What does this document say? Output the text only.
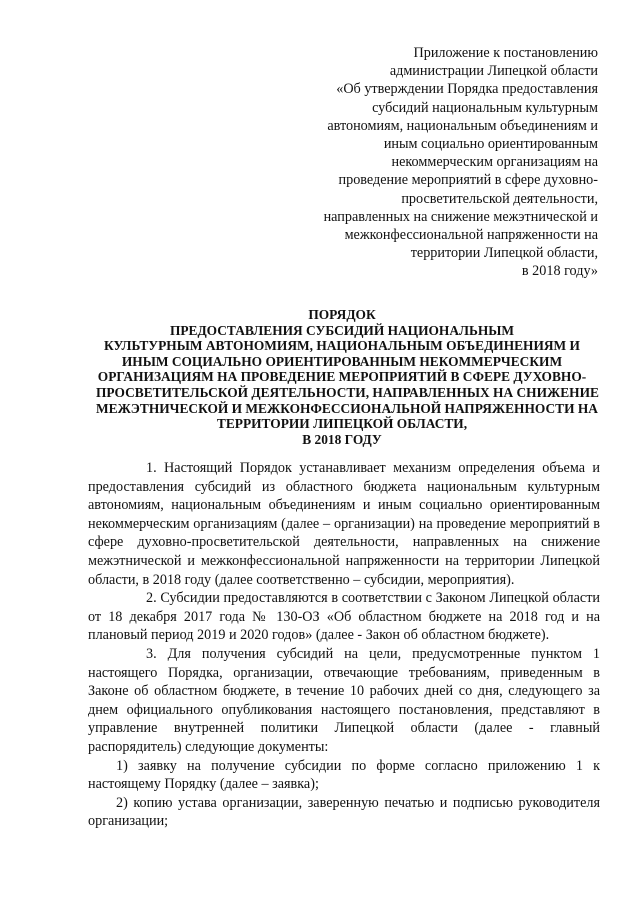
Приложение к постановлению
администрации Липецкой области
«Об утверждении Порядка предоставления
субсидий национальным культурным
автономиям, национальным объединениям и
иным социально ориентированным
некоммерческим организациям на
проведение мероприятий в сфере духовно-
просветительской деятельности,
направленных на снижение межэтнической и
межконфессиональной напряженности на
территории Липецкой области,
в 2018 году»
ПОРЯДОК
ПРЕДОСТАВЛЕНИЯ СУБСИДИЙ НАЦИОНАЛЬНЫМ
КУЛЬТУРНЫМ АВТОНОМИЯМ, НАЦИОНАЛЬНЫМ ОБЪЕДИНЕНИЯМ И
ИНЫМ СОЦИАЛЬНО ОРИЕНТИРОВАННЫМ НЕКОММЕРЧЕСКИМ
ОРГАНИЗАЦИЯМ НА ПРОВЕДЕНИЕ МЕРОПРИЯТИЙ В СФЕРЕ ДУХОВНО-
ПРОСВЕТИТЕЛЬСКОЙ ДЕЯТЕЛЬНОСТИ, НАПРАВЛЕННЫХ НА СНИЖЕНИЕ
МЕЖЭТНИЧЕСКОЙ И МЕЖКОНФЕССИОНАЛЬНОЙ НАПРЯЖЕННОСТИ НА
ТЕРРИТОРИИ ЛИПЕЦКОЙ ОБЛАСТИ,
В 2018 ГОДУ

1. Настоящий Порядок устанавливает механизм определения объема и предоставления субсидий из областного бюджета национальным культурным автономиям, национальным объединениям и иным социально ориентированным некоммерческим организациям (далее – организации) на проведение мероприятий в сфере духовно-просветительской деятельности, направленных на снижение межэтнической и межконфессиональной напряженности на территории Липецкой области, в 2018 году (далее соответственно – субсидии, мероприятия).

2. Субсидии предоставляются в соответствии с Законом Липецкой области от 18 декабря 2017 года № 130-ОЗ «Об областном бюджете на 2018 год и на плановый период 2019 и 2020 годов» (далее - Закон об областном бюджете).

3. Для получения субсидий на цели, предусмотренные пунктом 1 настоящего Порядка, организации, отвечающие требованиям, приведенным в Законе об областном бюджете, в течение 10 рабочих дней со дня, следующего за днем официального опубликования настоящего постановления, представляют в управление внутренней политики Липецкой области (далее - главный распорядитель) следующие документы:

1) заявку на получение субсидии по форме согласно приложению 1 к настоящему Порядку (далее – заявка);

2) копию устава организации, заверенную печатью и подписью руководителя организации;
